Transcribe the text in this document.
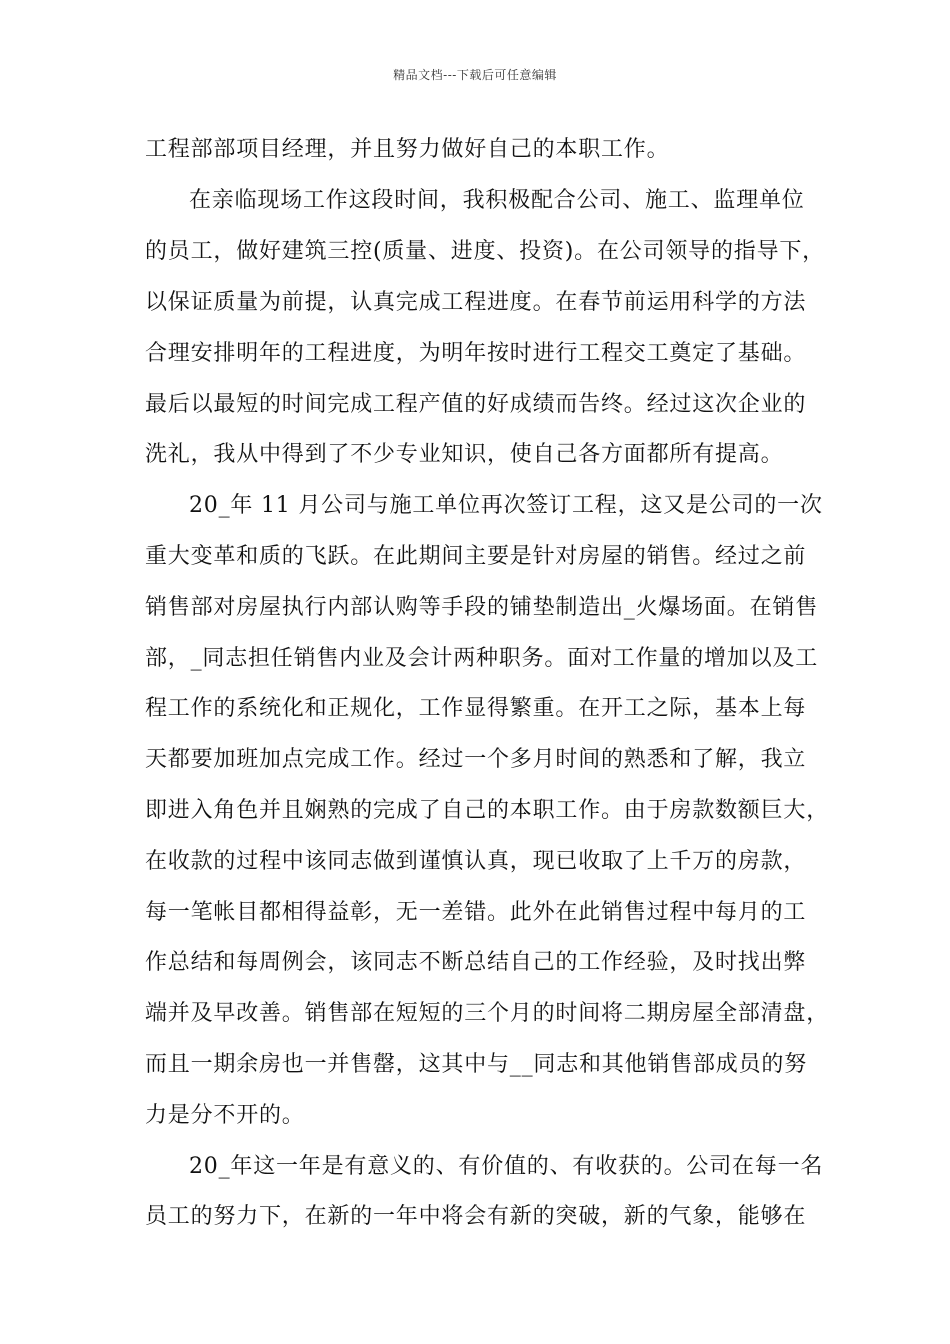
精品文档---下载后可任意编辑
工程部部项目经理，并且努力做好自己的本职工作。
在亲临现场工作这段时间，我积极配合公司、施工、监理单位
的员工，做好建筑三控(质量、进度、投资)。在公司领导的指导下，
以保证质量为前提，认真完成工程进度。在春节前运用科学的方法
合理安排明年的工程进度，为明年按时进行工程交工奠定了基础。
最后以最短的时间完成工程产值的好成绩而告终。经过这次企业的
洗礼，我从中得到了不少专业知识，使自己各方面都所有提高。
20_年 11 月公司与施工单位再次签订工程，这又是公司的一次
重大变革和质的飞跃。在此期间主要是针对房屋的销售。经过之前
销售部对房屋执行内部认购等手段的铺垫制造出_火爆场面。在销售
部，_同志担任销售内业及会计两种职务。面对工作量的增加以及工
程工作的系统化和正规化，工作显得繁重。在开工之际，基本上每
天都要加班加点完成工作。经过一个多月时间的熟悉和了解，我立
即进入角色并且娴熟的完成了自己的本职工作。由于房款数额巨大，
在收款的过程中该同志做到谨慎认真，现已收取了上千万的房款，
每一笔帐目都相得益彰，无一差错。此外在此销售过程中每月的工
作总结和每周例会，该同志不断总结自己的工作经验，及时找出弊
端并及早改善。销售部在短短的三个月的时间将二期房屋全部清盘，
而且一期余房也一并售罄，这其中与__同志和其他销售部成员的努
力是分不开的。
20_年这一年是有意义的、有价值的、有收获的。公司在每一名
员工的努力下，在新的一年中将会有新的突破，新的气象，能够在
